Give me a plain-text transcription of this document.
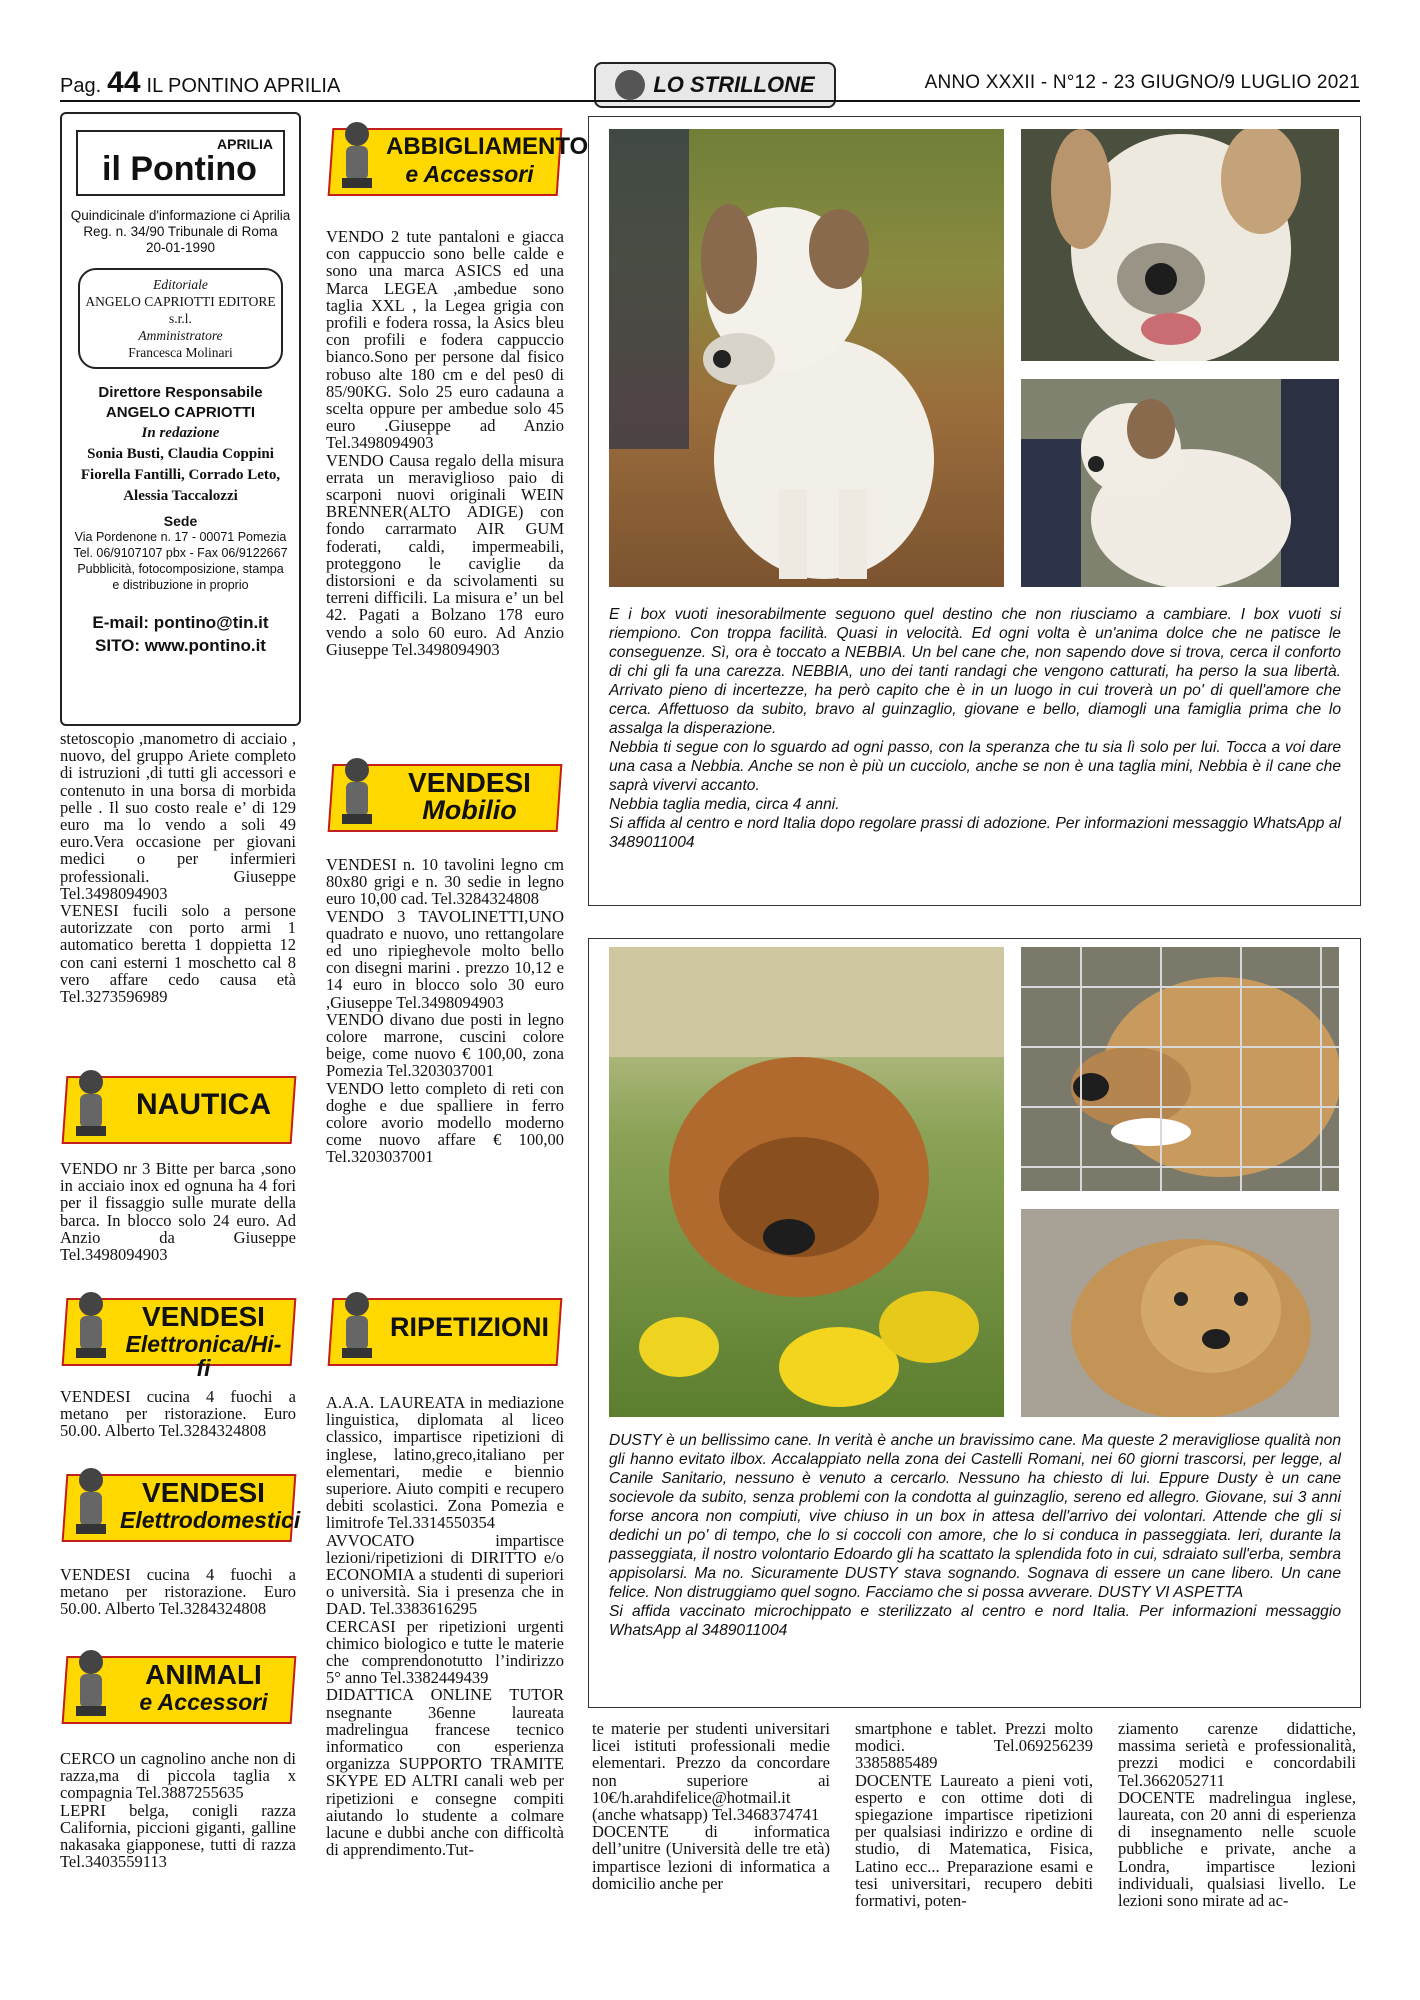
Pag. 44 IL PONTINO APRILIA	LO STRILLONE	ANNO XXXII - N°12 - 23 GIUGNO/9 LUGLIO 2021
APRILIA
il Pontino
Quindicinale d'informazione ci Aprilia
Reg. n. 34/90 Tribunale di Roma
20-01-1990
Editoriale
ANGELO CAPRIOTTI EDITORE s.r.l.
Amministratore
Francesca Molinari
Direttore Responsabile
ANGELO CAPRIOTTI
In redazione
Sonia Busti, Claudia Coppini
Fiorella Fantilli, Corrado Leto,
Alessia Taccalozzi
Sede
Via Pordenone n. 17 - 00071 Pomezia
Tel. 06/9107107 pbx - Fax 06/9122667
Pubblicità, fotocomposizione, stampa
e distribuzione in proprio
E-mail: pontino@tin.it
SITO: www.pontino.it

stetoscopio ,manometro di acciaio , nuovo, del gruppo Ariete completo di istruzioni ,di tutti gli accessori e contenuto in una borsa di morbida pelle . Il suo costo reale e’ di 129 euro ma lo vendo a soli 49 euro.Vera occasione per giovani medici o per infermieri professionali. Giuseppe Tel.3498094903

VENESI fucili solo a persone autorizzate con porto armi 1 automatico beretta 1 doppietta 12 con cani esterni 1 moschetto cal 8 vero affare cedo causa età Tel.3273596989

NAUTICA

VENDO nr 3 Bitte per barca ,sono in acciaio inox ed ognuna ha 4 fori per il fissaggio sulle murate della barca. In blocco solo 24 euro. Ad Anzio da Giuseppe Tel.3498094903

VENDESI
Elettronica/Hi-fi

VENDESI cucina 4 fuochi a metano per ristorazione. Euro 50.00. Alberto Tel.3284324808

VENDESI
Elettrodomestici

VENDESI cucina 4 fuochi a metano per ristorazione. Euro 50.00. Alberto Tel.3284324808

ANIMALI
e Accessori

CERCO un cagnolino anche non di razza,ma di piccola taglia x compagnia Tel.3887255635

LEPRI belga, conigli razza California, piccioni giganti, galline nakasaka giapponese, tutti di razza Tel.3403559113

ABBIGLIAMENTO
e Accessori

VENDO 2 tute pantaloni e giacca con cappuccio sono belle calde e sono una marca ASICS ed una Marca LEGEA ,ambedue sono taglia XXL , la Legea grigia con profili e fodera rossa, la Asics bleu con profili e fodera cappuccio bianco.Sono per persone dal fisico robuso alte 180 cm e del pes0 di 85/90KG. Solo 25 euro cadauna a scelta oppure per ambedue solo 45 euro .Giuseppe ad Anzio Tel.3498094903

VENDO Causa regalo della misura errata un meraviglioso paio di scarponi nuovi originali WEIN BRENNER(ALTO ADIGE) con fondo carrarmato AIR GUM foderati, caldi, impermeabili, proteggono le caviglie da distorsioni e da scivolamenti su terreni difficili. La misura e’ un bel 42. Pagati a Bolzano 178 euro vendo a solo 60 euro. Ad Anzio Giuseppe Tel.3498094903

VENDESI
Mobilio

VENDESI n. 10 tavolini legno cm 80x80 grigi e n. 30 sedie in legno euro 10,00 cad. Tel.3284324808

VENDO 3 TAVOLINETTI,UNO quadrato e nuovo, uno rettangolare ed uno ripieghevole molto bello con disegni marini . prezzo 10,12 e 14 euro in blocco solo 30 euro ,Giuseppe Tel.3498094903

VENDO divano due posti in legno colore marrone, cuscini colore beige, come nuovo € 100,00, zona Pomezia Tel.3203037001

VENDO letto completo di reti con doghe e due spalliere in ferro colore avorio modello moderno come nuovo affare € 100,00 Tel.3203037001

RIPETIZIONI

A.A.A. LAUREATA in mediazione linguistica, diplomata al liceo classico, impartisce ripetizioni di inglese, latino,greco,italiano per elementari, medie e biennio superiore. Aiuto compiti e recupero debiti scolastici. Zona Pomezia e limitrofe Tel.3314550354

AVVOCATO impartisce lezioni/ripetizioni di DIRITTO e/o ECONOMIA a studenti di superiori o università. Sia i presenza che in DAD. Tel.3383616295

CERCASI per ripetizioni urgenti chimico biologico e tutte le materie che comprendonotutto l’indirizzo 5° anno Tel.3382449439

DIDATTICA ONLINE TUTOR nsegnante 36enne laureata madrelingua francese tecnico informatico con esperienza organizza SUPPORTO TRAMITE SKYPE ED ALTRI canali web per ripetizioni e consegne compiti aiutando lo studente a colmare lacune e dubbi anche con difficoltà di apprendimento.Tut-

E i box vuoti inesorabilmente seguono quel destino che non riusciamo a cambiare. I box vuoti si riempiono. Con troppa facilità. Quasi in velocità. Ed ogni volta è un'anima dolce che ne patisce le conseguenze. Sì, ora è toccato a NEBBIA. Un bel cane che, non sapendo dove si trova, cerca il conforto di chi gli fa una carezza. NEBBIA, uno dei tanti randagi che vengono catturati, ha perso la sua libertà. Arrivato pieno di incertezze, ha però capito che è in un luogo in cui troverà un po' di quell'amore che cerca. Affettuoso da subito, bravo al guinzaglio, giovane e bello, diamogli una famiglia prima che lo assalga la disperazione.

Nebbia ti segue con lo sguardo ad ogni passo, con la speranza che tu sia lì solo per lui. Tocca a voi dare una casa a Nebbia. Anche se non è più un cucciolo, anche se non è una taglia mini, Nebbia è il cane che saprà vivervi accanto.

Nebbia taglia media, circa 4 anni.

Si affida al centro e nord Italia dopo regolare prassi di adozione. Per informazioni messaggio WhatsApp al 3489011004

DUSTY è un bellissimo cane. In verità è anche un bravissimo cane. Ma queste 2 meravigliose qualità non gli hanno evitato ilbox. Accalappiato nella zona dei Castelli Romani, nei 60 giorni trascorsi, per legge, al Canile Sanitario, nessuno è venuto a cercarlo. Nessuno ha chiesto di lui. Eppure Dusty è un cane socievole da subito, senza problemi con la condotta al guinzaglio, sereno ed allegro. Giovane, sui 3 anni forse ancora non compiuti, vive chiuso in un box in attesa dell'arrivo dei volontari. Attende che gli si dedichi un po' di tempo, che lo si coccoli con amore, che lo si conduca in passeggiata. Ieri, durante la passeggiata, il nostro volontario Edoardo gli ha scattato la splendida foto in cui, sdraiato sull'erba, sembra appisolarsi. Ma no. Sicuramente DUSTY stava sognando. Sognava di essere un cane libero. Un cane felice. Non distruggiamo quel sogno. Facciamo che si possa avverare. DUSTY VI ASPETTA

Si affida vaccinato microchippato e sterilizzato al centro e nord Italia. Per informazioni messaggio WhatsApp al 3489011004

te materie per studenti universitari licei istituti professionali medie elementari. Prezzo da concordare non superiore ai 10€/h.arahdifelice@hotmail.it (anche whatsapp) Tel.3468374741

DOCENTE di informatica dell’unitre (Università delle tre età) impartisce lezioni di informatica a domicilio anche per

smartphone e tablet. Prezzi molto modici. Tel.069256239 3385885489

DOCENTE Laureato a pieni voti, esperto e con ottime doti di spiegazione impartisce ripetizioni per qualsiasi indirizzo e ordine di studio, di Matematica, Fisica, Latino ecc... Preparazione esami e tesi universitari, recupero debiti formativi, poten-

ziamento carenze didattiche, massima serietà e professionalità, prezzi modici e concordabili Tel.3662052711

DOCENTE madrelingua inglese, laureata, con 20 anni di esperienza di insegnamento nelle scuole pubbliche e private, anche a Londra, impartisce lezioni individuali, qualsiasi livello. Le lezioni sono mirate ad ac-
